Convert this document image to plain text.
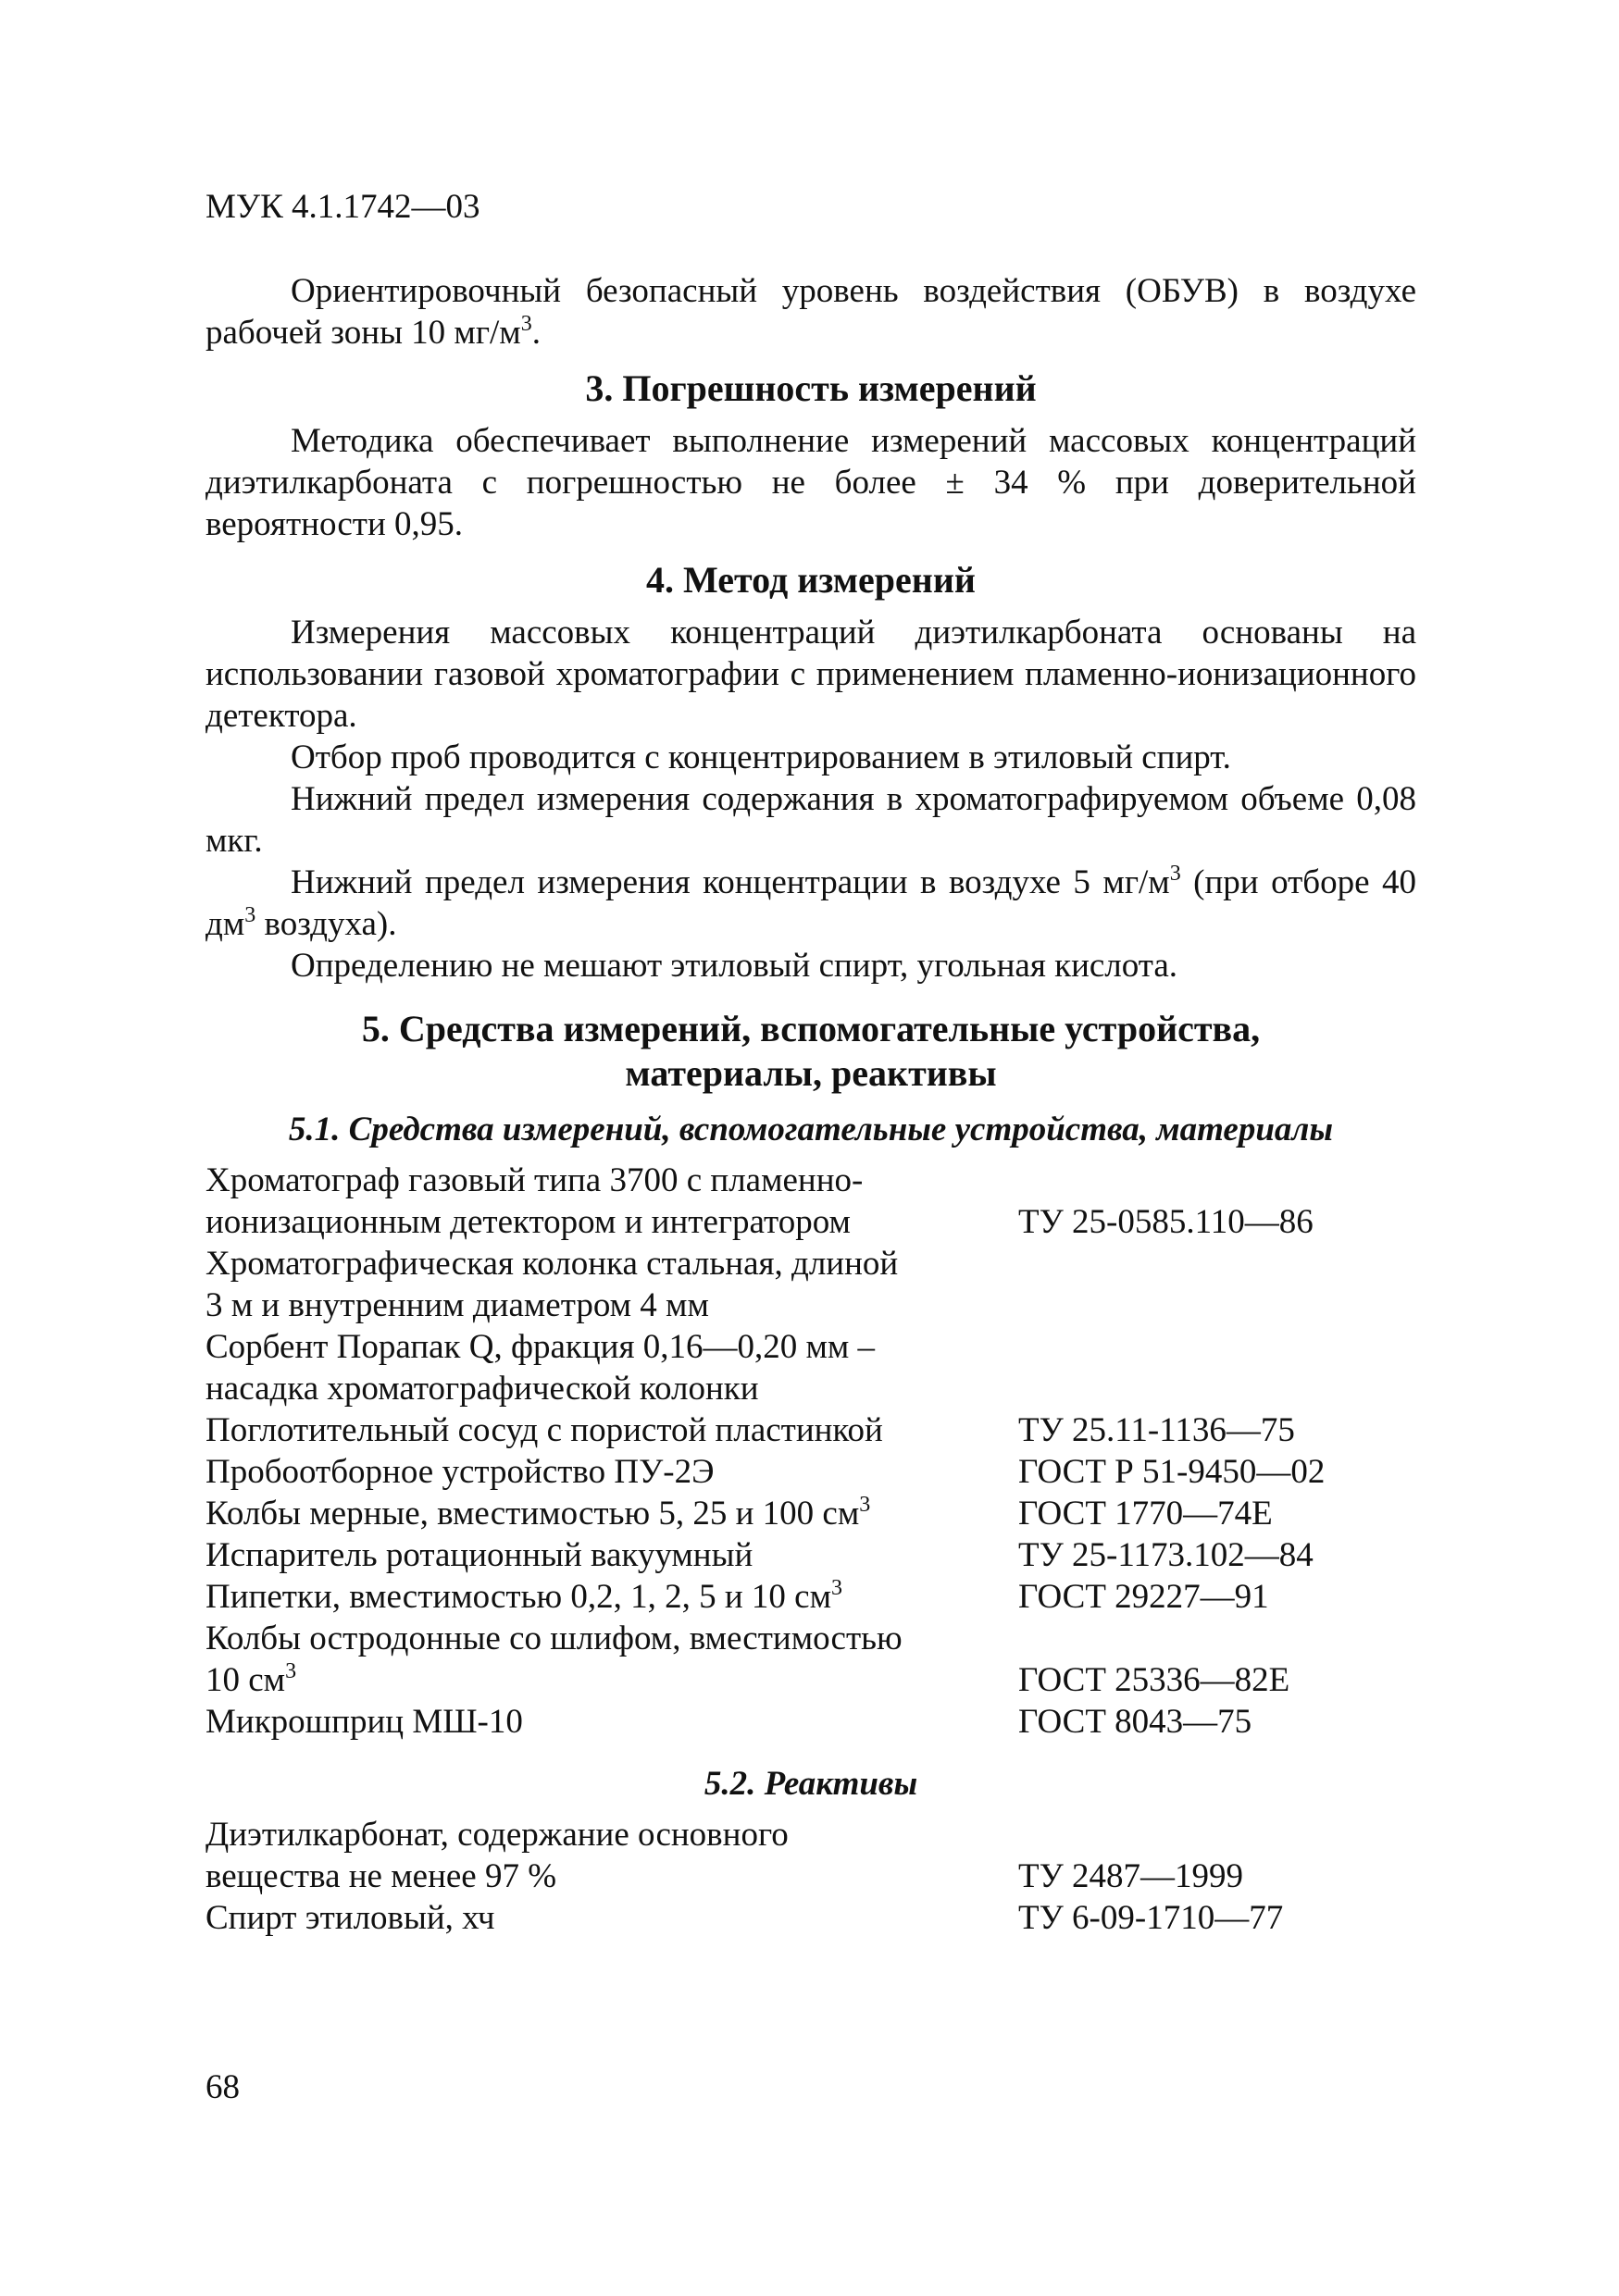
МУК 4.1.1742—03

Ориентировочный безопасный уровень воздействия (ОБУВ) в воздухе рабочей зоны 10 $мг/м^3$.

3. Погрешность измерений

Методика обеспечивает выполнение измерений массовых концентраций диэтилкарбоната с погрешностью не более ± 34 % при доверительной вероятности 0,95.

4. Метод измерений

Измерения массовых концентраций диэтилкарбоната основаны на использовании газовой хроматографии с применением пламенно-ионизационного детектора.

Отбор проб проводится с концентрированием в этиловый спирт.

Нижний предел измерения содержания в хроматографируемом объеме 0,08 мкг.

Нижний предел измерения концентрации в воздухе 5 $мг/м^3$ (при отборе 40 $дм^3$ воздуха).

Определению не мешают этиловый спирт, угольная кислота.

5. Средства измерений, вспомогательные устройства,
материалы, реактивы
5.1. Средства измерений, вспомогательные устройства, материалы
Хроматограф газовый типа 3700 с пламенно-
ионизационным детектором и интегратором	ТУ 25-0585.110—86
Хроматографическая колонка стальная, длиной
3 м и внутренним диаметром 4 мм	
Сорбент Порапак Q, фракция 0,16—0,20 мм –
насадка хроматографической колонки	
Поглотительный сосуд с пористой пластинкой	ТУ 25.11-1136—75
Пробоотборное устройство ПУ-2Э	ГОСТ Р 51-9450—02
Колбы мерные, вместимостью 5, 25 и 100 $см^3$	ГОСТ 1770—74Е
Испаритель ротационный вакуумный	ТУ 25-1173.102—84
Пипетки, вместимостью 0,2, 1, 2, 5 и 10 $см^3$	ГОСТ 29227—91
Колбы остродонные со шлифом, вместимостью
10 $см^3$	ГОСТ 25336—82Е
Микрошприц МШ-10	ГОСТ 8043—75
5.2. Реактивы
Диэтилкарбонат, содержание основного
вещества не менее 97 %	ТУ 2487—1999
Спирт этиловый, хч	ТУ 6-09-1710—77
68
